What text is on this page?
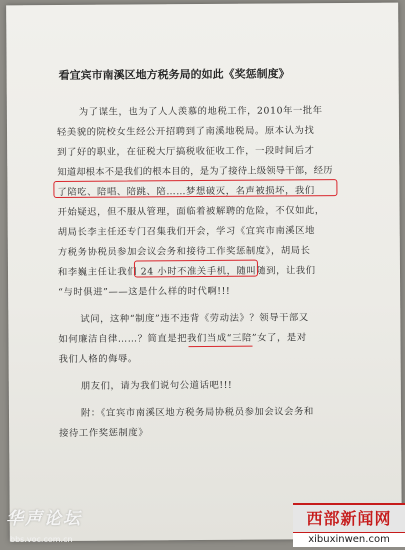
看宜宾市南溪区地方税务局的如此《奖惩制度》
为了谋生，也为了人人羡慕的地税工作，2010年一批年
轻美貌的院校女生经公开招聘到了南溪地税局。原本认为找
到了好的职业，在征税大厅搞税收征收工作，一段时间后才
知道却根本不是我们的根本目的，是为了接待上级领导干部，经历
了陪吃、陪唱、陪跳、陪……梦想破灭，名声被损坏，我们
开始疑迟，但不服从管理，面临着被解聘的危险，不仅如此，
胡局长李主任还专门召集我们开会，学习《宜宾市南溪区地
方税务协税员参加会议会务和接待工作奖惩制度》，胡局长
和李巍主任让我们 24 小时不准关手机，随叫随到，让我们
“与时俱进”——这是什么样的时代啊!!!
试问，这种“制度”违不违背《劳动法》？领导干部又
如何廉洁自律……？简直是把我们当成“三陪”女了，是对
我们人格的侮辱。
朋友们，请为我们说句公道话吧!!!
附：《宜宾市南溪区地方税务局协税员参加会议会务和
接待工作奖惩制度》
华声论坛
bbs.voc.com.cn
西部新闻网
xibuxinwen.com
